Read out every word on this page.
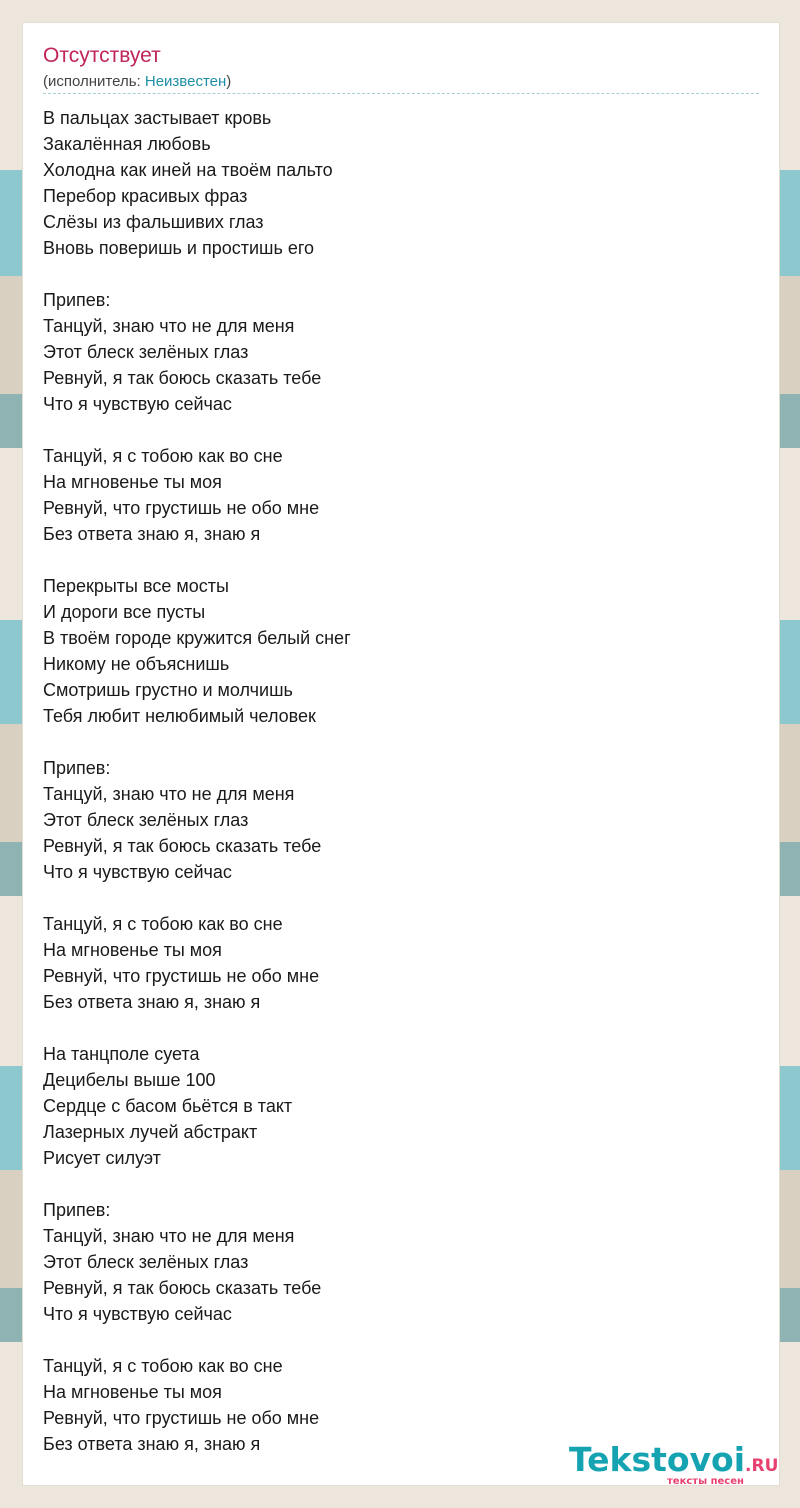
Отсутствует
(исполнитель: Неизвестен)
В пальцах застывает кровь
Закалённая любовь
Холодна как иней на твоём пальто
Перебор красивых фраз
Слёзы из фальшивих глаз
Вновь поверишь и простишь его
Припев:
Танцуй, знаю что не для меня
Этот блеск зелёных глаз
Ревнуй, я так боюсь сказать тебе
Что я чувствую сейчас
Танцуй, я с тобою как во сне
На мгновенье ты моя
Ревнуй, что грустишь не обо мне
Без ответа знаю я, знаю я
Перекрыты все мосты
И дороги все пусты
В твоём городе кружится белый снег
Никому не объяснишь
Смотришь грустно и молчишь
Тебя любит нелюбимый человек
Припев:
Танцуй, знаю что не для меня
Этот блеск зелёных глаз
Ревнуй, я так боюсь сказать тебе
Что я чувствую сейчас
Танцуй, я с тобою как во сне
На мгновенье ты моя
Ревнуй, что грустишь не обо мне
Без ответа знаю я, знаю я
На танцполе суета
Децибелы выше 100
Сердце с басом бьётся в такт
Лазерных лучей абстракт
Рисует силуэт
Припев:
Танцуй, знаю что не для меня
Этот блеск зелёных глаз
Ревнуй, я так боюсь сказать тебе
Что я чувствую сейчас
Танцуй, я с тобою как во сне
На мгновенье ты моя
Ревнуй, что грустишь не обо мне
Без ответа знаю я, знаю я	Tekstovoi.RU
тексты песен
